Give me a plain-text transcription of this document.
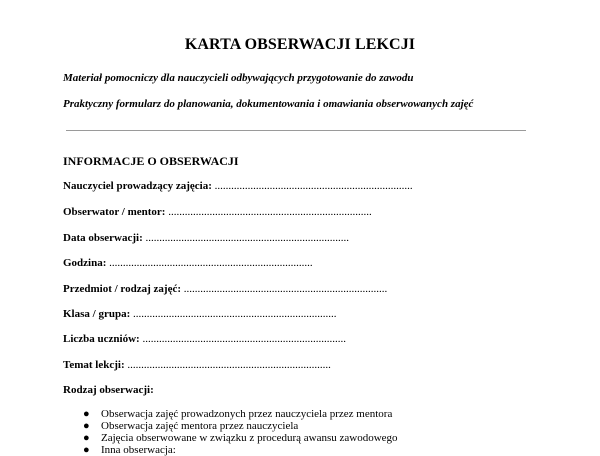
KARTA OBSERWACJI LEKCJI
Materiał pomocniczy dla nauczycieli odbywających przygotowanie do zawodu
Praktyczny formularz do planowania, dokumentowania i omawiania obserwowanych zajęć
INFORMACJE O OBSERWACJI
Nauczyciel prowadzący zajęcia: ........................................................................
Obserwator / mentor: ..........................................................................
Data obserwacji: ..........................................................................
Godzina: ..........................................................................
Przedmiot / rodzaj zajęć: ..........................................................................
Klasa / grupa: ..........................................................................
Liczba uczniów: ..........................................................................
Temat lekcji: ..........................................................................
Rodzaj obserwacji:
● Obserwacja zajęć prowadzonych przez nauczyciela przez mentora
● Obserwacja zajęć mentora przez nauczyciela
● Zajęcia obserwowane w związku z procedurą awansu zawodowego
● Inna obserwacja:
